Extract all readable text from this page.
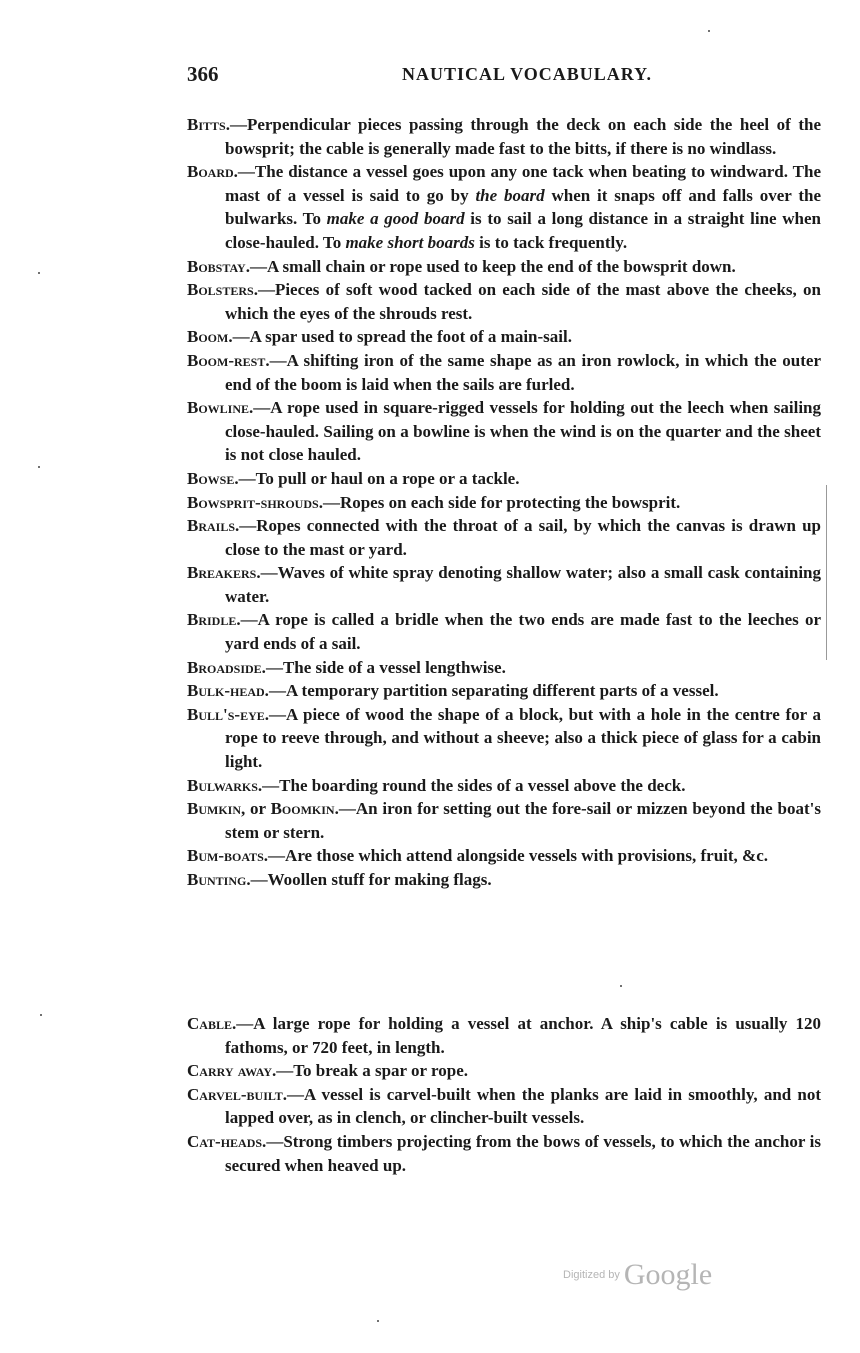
366	NAUTICAL VOCABULARY.

Bitts.—Perpendicular pieces passing through the deck on each side the heel of the bowsprit; the cable is generally made fast to the bitts, if there is no windlass.

Board.—The distance a vessel goes upon any one tack when beating to windward. The mast of a vessel is said to go by the board when it snaps off and falls over the bulwarks. To make a good board is to sail a long distance in a straight line when close-hauled. To make short boards is to tack frequently.

Bobstay.—A small chain or rope used to keep the end of the bowsprit down.

Bolsters.—Pieces of soft wood tacked on each side of the mast above the cheeks, on which the eyes of the shrouds rest.

Boom.—A spar used to spread the foot of a main-sail.

Boom-rest.—A shifting iron of the same shape as an iron rowlock, in which the outer end of the boom is laid when the sails are furled.

Bowline.—A rope used in square-rigged vessels for holding out the leech when sailing close-hauled. Sailing on a bowline is when the wind is on the quarter and the sheet is not close hauled.

Bowse.—To pull or haul on a rope or a tackle.

Bowsprit-shrouds.—Ropes on each side for protecting the bowsprit.

Brails.—Ropes connected with the throat of a sail, by which the canvas is drawn up close to the mast or yard.

Breakers.—Waves of white spray denoting shallow water; also a small cask containing water.

Bridle.—A rope is called a bridle when the two ends are made fast to the leeches or yard ends of a sail.

Broadside.—The side of a vessel lengthwise.

Bulk-head.—A temporary partition separating different parts of a vessel.

Bull's-eye.—A piece of wood the shape of a block, but with a hole in the centre for a rope to reeve through, and without a sheeve; also a thick piece of glass for a cabin light.

Bulwarks.—The boarding round the sides of a vessel above the deck.

Bumkin, or Boomkin.—An iron for setting out the fore-sail or mizzen beyond the boat's stem or stern.

Bum-boats.—Are those which attend alongside vessels with provisions, fruit, &c.

Bunting.—Woollen stuff for making flags.

Cable.—A large rope for holding a vessel at anchor. A ship's cable is usually 120 fathoms, or 720 feet, in length.

Carry away.—To break a spar or rope.

Carvel-built.—A vessel is carvel-built when the planks are laid in smoothly, and not lapped over, as in clench, or clincher-built vessels.

Cat-heads.—Strong timbers projecting from the bows of vessels, to which the anchor is secured when heaved up.

Digitized by Google
